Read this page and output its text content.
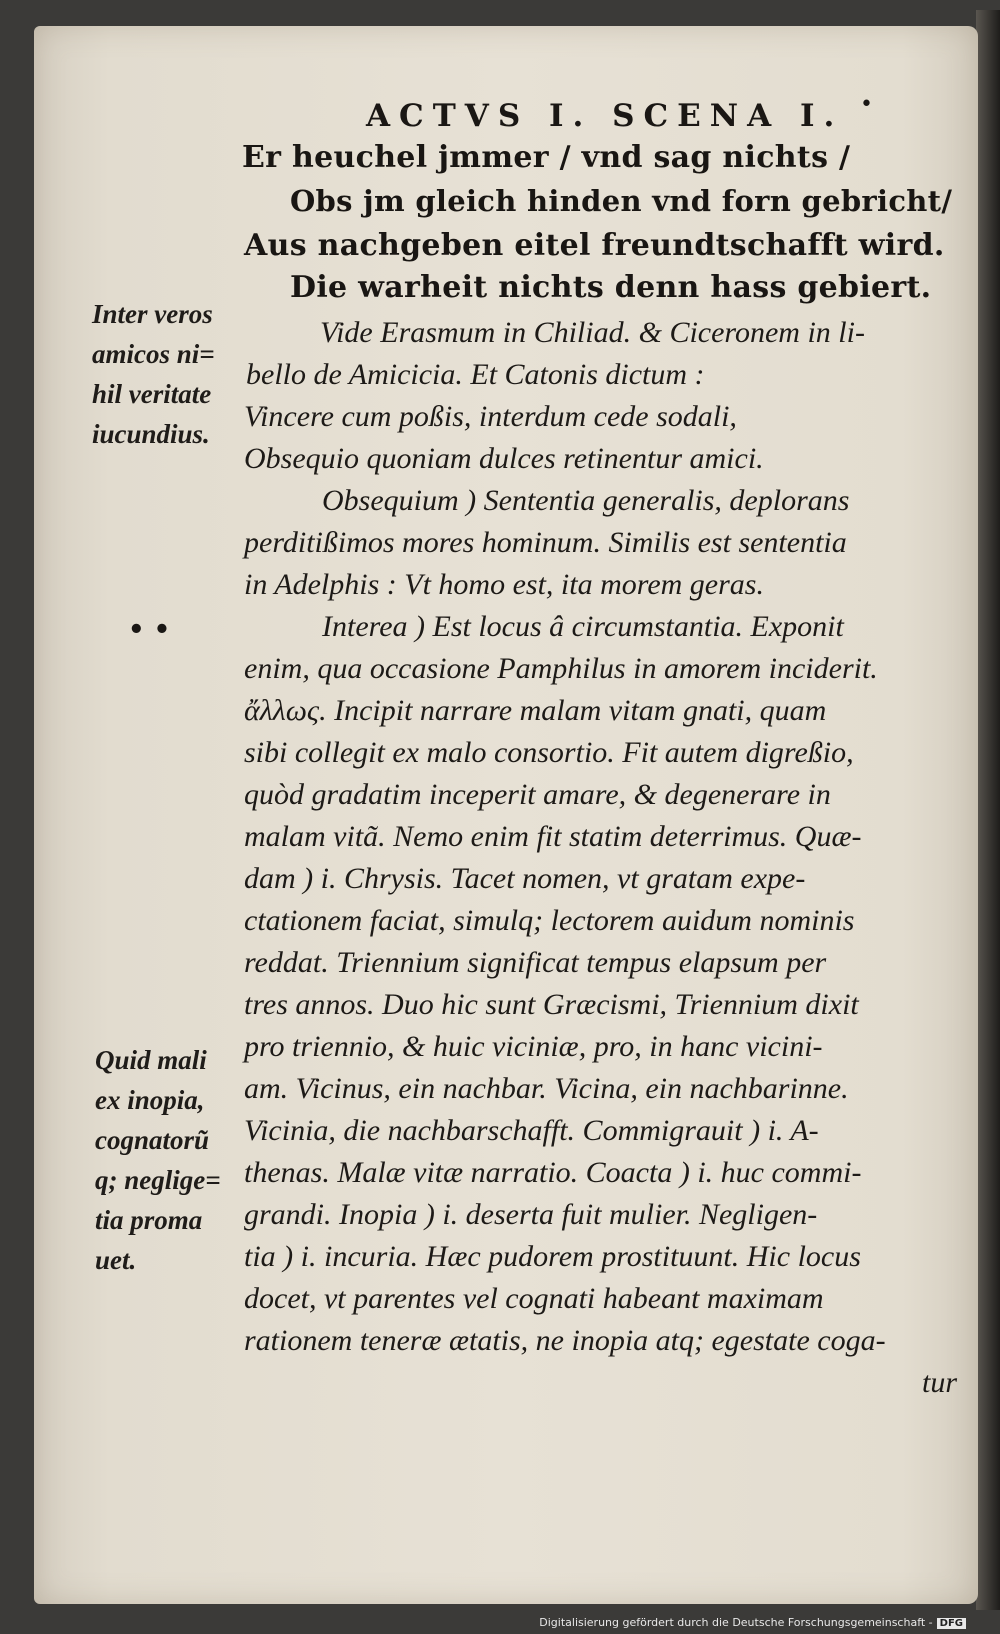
ACTVS I. SCENA I. •
Er heuchel jmmer / vnd sag nichts /
Obs jm gleich hinden vnd forn gebricht/
Aus nachgeben eitel freundtschafft wird.
Die warheit nichts denn hass gebiert.
Inter veros
amicos ni=
hil veritate
iucundius.
• •
Quid mali
ex inopia,
cognatorũ
q; neglige=
tia proma
uet.
Vide Erasmum in Chiliad. & Ciceronem in li-
bello de Amicicia. Et Catonis dictum :
Vincere cum poßis, interdum cede sodali,
Obsequio quoniam dulces retinentur amici.
Obsequium ) Sententia generalis, deplorans
perditißimos mores hominum. Similis est sententia
in Adelphis : Vt homo est, ita morem geras.
Interea ) Est locus â circumstantia. Exponit
enim, qua occasione Pamphilus in amorem inciderit.
ἄλλως. Incipit narrare malam vitam gnati, quam
sibi collegit ex malo consortio. Fit autem digreßio,
quòd gradatim inceperit amare, & degenerare in
malam vitã. Nemo enim fit statim deterrimus. Quæ-
dam ) i. Chrysis. Tacet nomen, vt gratam expe-
ctationem faciat, simulq; lectorem auidum nominis
reddat. Triennium significat tempus elapsum per
tres annos. Duo hic sunt Græcismi, Triennium dixit
pro triennio, & huic viciniæ, pro, in hanc vicini-
am. Vicinus, ein nachbar. Vicina, ein nachbarinne.
Vicinia, die nachbarschafft. Commigrauit ) i. A-
thenas. Malæ vitæ narratio. Coacta ) i. huc commi-
grandi. Inopia ) i. deserta fuit mulier. Negligen-
tia ) i. incuria. Hæc pudorem prostituunt. Hic locus
docet, vt parentes vel cognati habeant maximam
rationem teneræ ætatis, ne inopia atq; egestate coga-
tur
Digitalisierung gefördert durch die Deutsche Forschungsgemeinschaft - DFG
